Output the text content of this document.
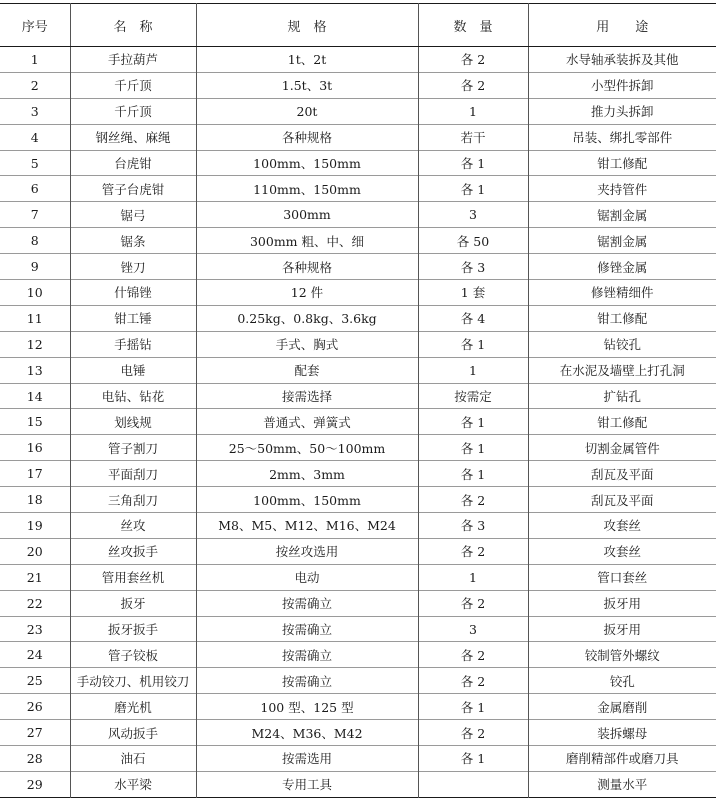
序号	名　称	规　格	数　量	用　　途
1	手拉葫芦	1t、2t	各 2	水导轴承装拆及其他
2	千斤顶	1.5t、3t	各 2	小型件拆卸
3	千斤顶	20t	1	推力头拆卸
4	钢丝绳、麻绳	各种规格	若干	吊装、绑扎零部件
5	台虎钳	100mm、150mm	各 1	钳工修配
6	管子台虎钳	110mm、150mm	各 1	夹持管件
7	锯弓	300mm	3	锯割金属
8	锯条	300mm 粗、中、细	各 50	锯割金属
9	锉刀	各种规格	各 3	修锉金属
10	什锦锉	12 件	1 套	修锉精细件
11	钳工锤	0.25kg、0.8kg、3.6kg	各 4	钳工修配
12	手摇钻	手式、胸式	各 1	钻铰孔
13	电锤	配套	1	在水泥及墙壁上打孔洞
14	电钻、钻花	接需选择	按需定	扩钻孔
15	划线规	普通式、弹簧式	各 1	钳工修配
16	管子割刀	25～50mm、50～100mm	各 1	切割金属管件
17	平面刮刀	2mm、3mm	各 1	刮瓦及平面
18	三角刮刀	100mm、150mm	各 2	刮瓦及平面
19	丝攻	M8、M5、M12、M16、M24	各 3	攻套丝
20	丝攻扳手	按丝攻选用	各 2	攻套丝
21	管用套丝机	电动	1	管口套丝
22	扳牙	按需确立	各 2	扳牙用
23	扳牙扳手	按需确立	3	扳牙用
24	管子铰板	按需确立	各 2	铰制管外螺纹
25	手动铰刀、机用铰刀	按需确立	各 2	铰孔
26	磨光机	100 型、125 型	各 1	金属磨削
27	风动扳手	M24、M36、M42	各 2	装拆螺母
28	油石	按需选用	各 1	磨削精部件或磨刀具
29	水平梁	专用工具		测量水平
